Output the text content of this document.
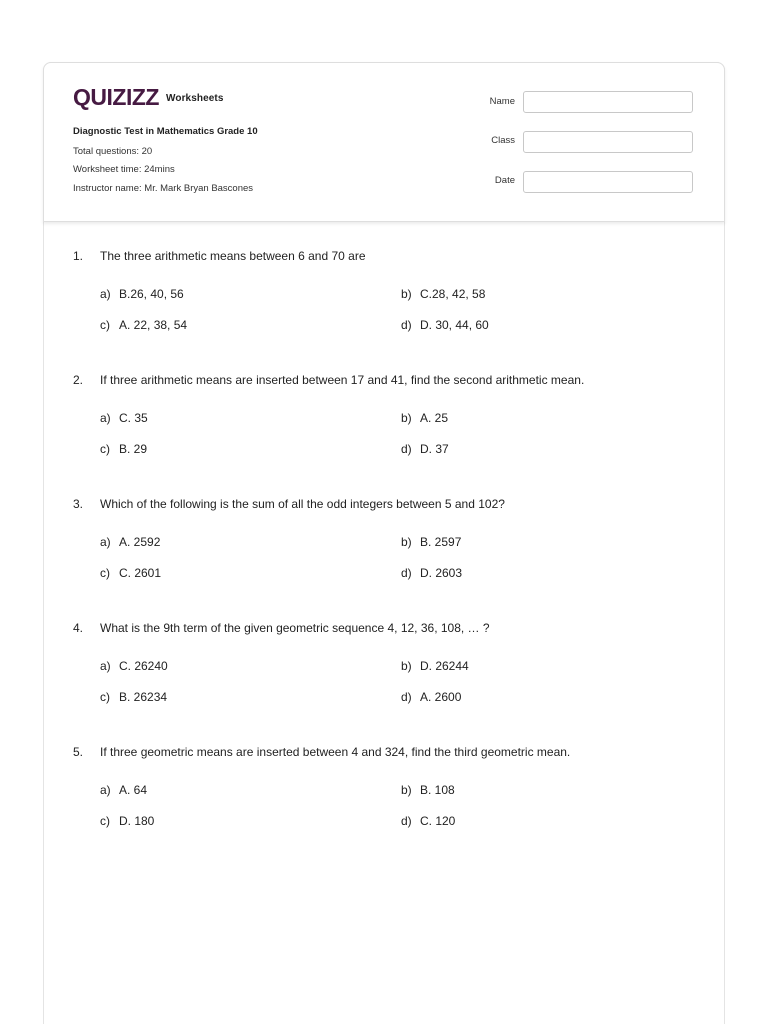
QUIZIZZ Worksheets
Diagnostic Test in Mathematics Grade 10
Total questions: 20
Worksheet time: 24mins
Instructor name: Mr. Mark Bryan Bascones
Name
Class
Date
1.	The three arithmetic means between 6 and 70 are
a) B.26, 40, 56	b) C.28, 42, 58
c) A. 22, 38, 54	d) D. 30, 44, 60
2.	If three arithmetic means are inserted between 17 and 41, find the second arithmetic mean.
a) C. 35	b) A. 25
c) B. 29	d) D. 37
3.	Which of the following is the sum of all the odd integers between 5 and 102?
a) A. 2592	b) B. 2597
c) C. 2601	d) D. 2603
4.	What is the 9th term of the given geometric sequence 4, 12, 36, 108, … ?
a) C. 26240	b) D. 26244
c) B. 26234	d) A. 2600
5.	If three geometric means are inserted between 4 and 324, find the third geometric mean.
a) A. 64	b) B. 108
c) D. 180	d) C. 120
